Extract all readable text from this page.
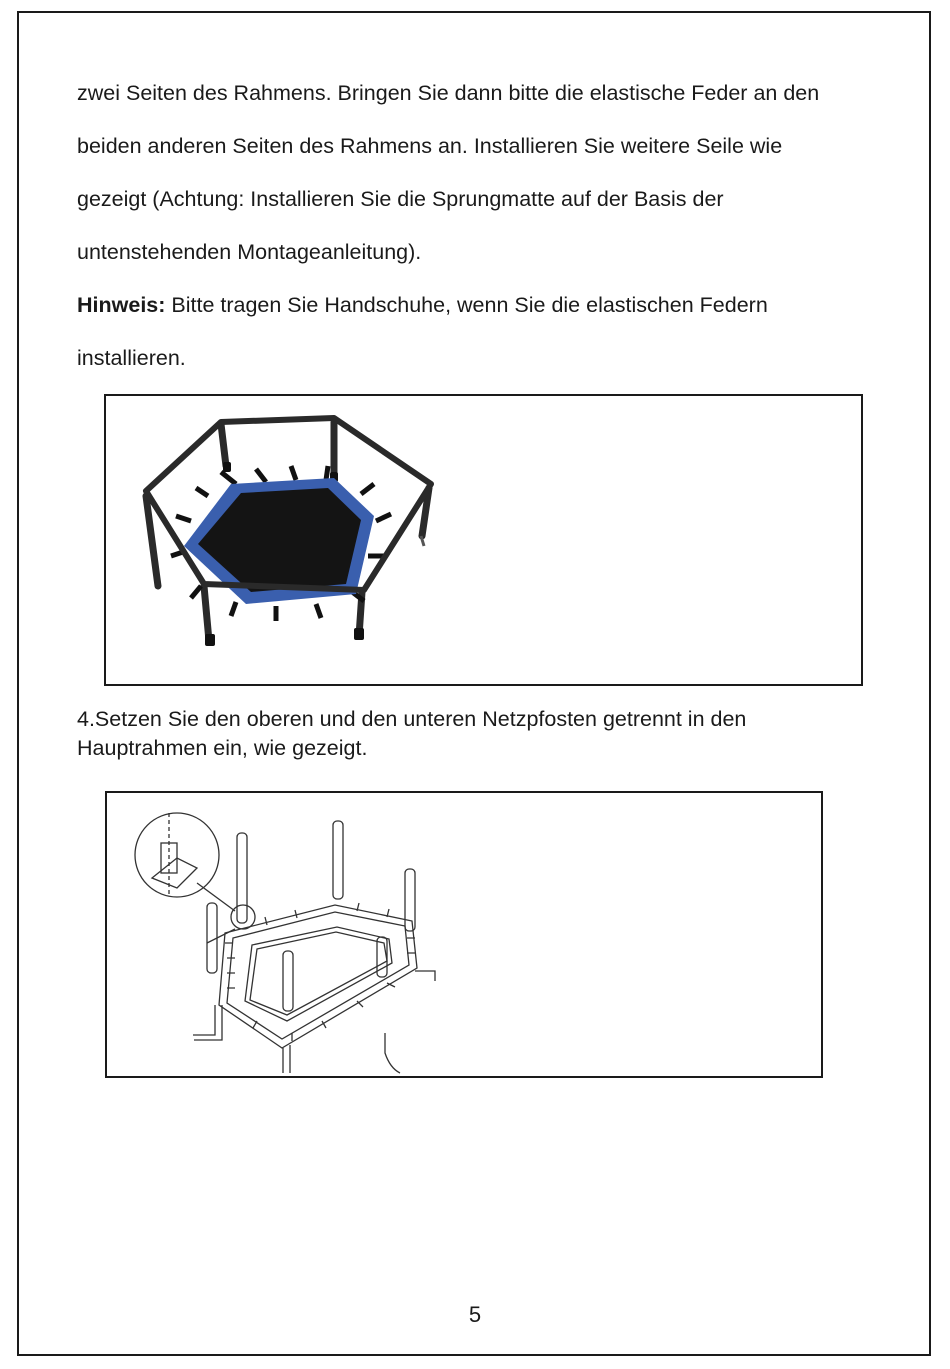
zwei Seiten des Rahmens. Bringen Sie dann bitte die elastische Feder an den

beiden anderen Seiten des Rahmens an. Installieren Sie weitere Seile wie

gezeigt (Achtung: Installieren Sie die Sprungmatte auf der Basis der

untenstehenden Montageanleitung).

Hinweis: Bitte tragen Sie Handschuhe, wenn Sie die elastischen Federn

installieren.

4.Setzen Sie den oberen und den unteren Netzpfosten getrennt in den Hauptrahmen ein, wie gezeigt.

5
